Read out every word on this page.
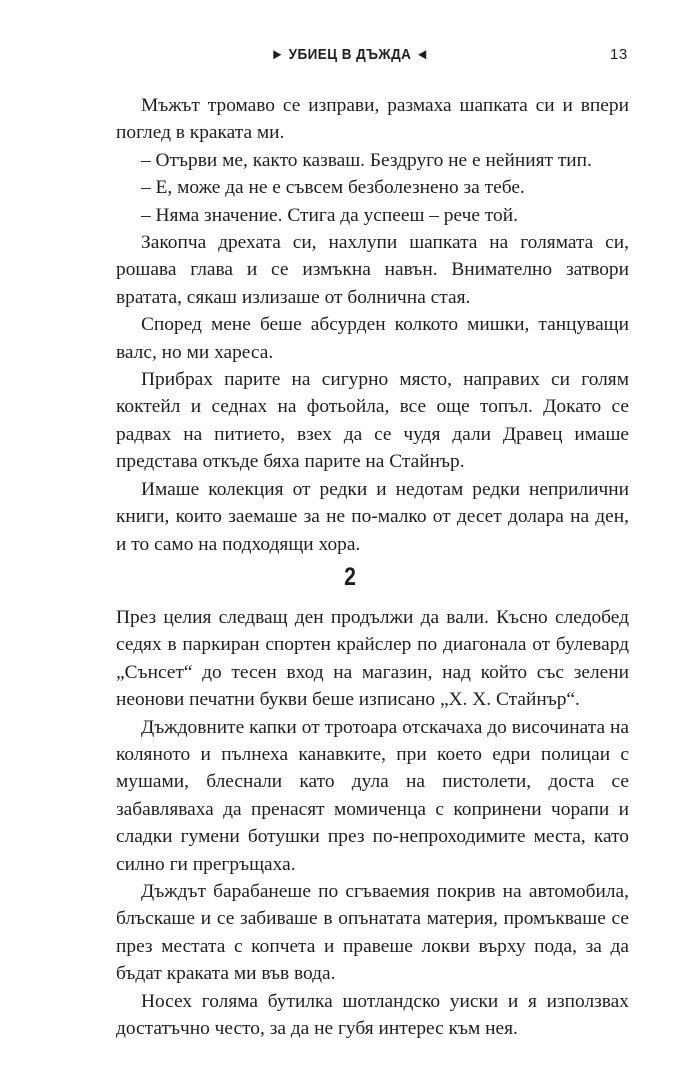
► УБИЕЦ В ДЪЖДА ◄	13

Мъжът тромаво се изправи, размаха шапката си и впери поглед в краката ми.

– Отърви ме, както казваш. Бездруго не е нейният тип.

– Е, може да не е съвсем безболезнено за тебе.

– Няма значение. Стига да успееш – рече той.

Закопча дрехата си, нахлупи шапката на голямата си, рошава глава и се измъкна навън. Внимателно затвори вратата, сякаш излизаше от болнична стая.

Според мене беше абсурден колкото мишки, танцуващи валс, но ми хареса.

Прибрах парите на сигурно място, направих си голям коктейл и седнах на фотьойла, все още топъл. Докато се радвах на питието, взех да се чудя дали Дравец имаше представа откъде бяха парите на Стайнър.

Имаше колекция от редки и недотам редки неприлични книги, които заемаше за не по-малко от десет долара на ден, и то само на подходящи хора.

2

През целия следващ ден продължи да вали. Късно следобед седях в паркиран спортен крайслер по диагонала от булевард „Сънсет“ до тесен вход на магазин, над който със зелени неонови печатни букви беше изписано „Х. Х. Стайнър“.

Дъждовните капки от тротоара отскачаха до височината на коляното и пълнеха канавките, при което едри полицаи с мушами, блеснали като дула на пистолети, доста се забавляваха да пренасят момиченца с копринени чорапи и сладки гумени ботушки през по-непроходимите места, като силно ги прегръщаха.

Дъждът барабанеше по сгъваемия покрив на автомобила, блъскаше и се забиваше в опънатата материя, промъкваше се през местата с копчета и правеше локви върху пода, за да бъдат краката ми във вода.

Носех голяма бутилка шотландско уиски и я използвах достатъчно често, за да не губя интерес към нея.
